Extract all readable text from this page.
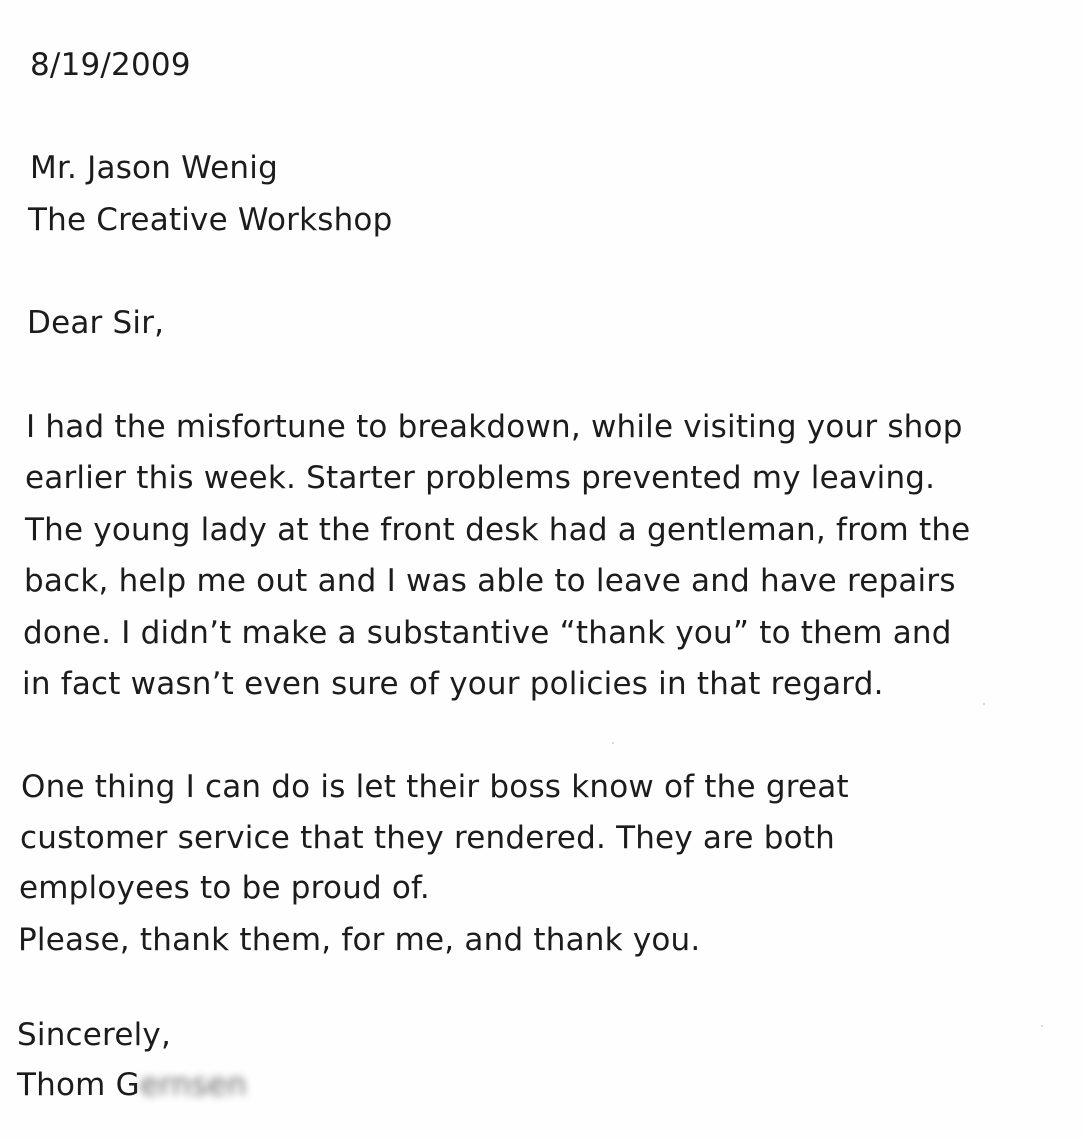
8/19/2009
Mr. Jason Wenig
The Creative Workshop
Dear Sir,
I had the misfortune to breakdown, while visiting your shop
earlier this week. Starter problems prevented my leaving.
The young lady at the front desk had a gentleman, from the
back, help me out and I was able to leave and have repairs
done. I didn’t make a substantive “thank you” to them and
in fact wasn’t even sure of your policies in that regard.
One thing I can do is let their boss know of the great
customer service that they rendered. They are both
employees to be proud of.
Please, thank them, for me, and thank you.
Sincerely,
Thom Gernsen
